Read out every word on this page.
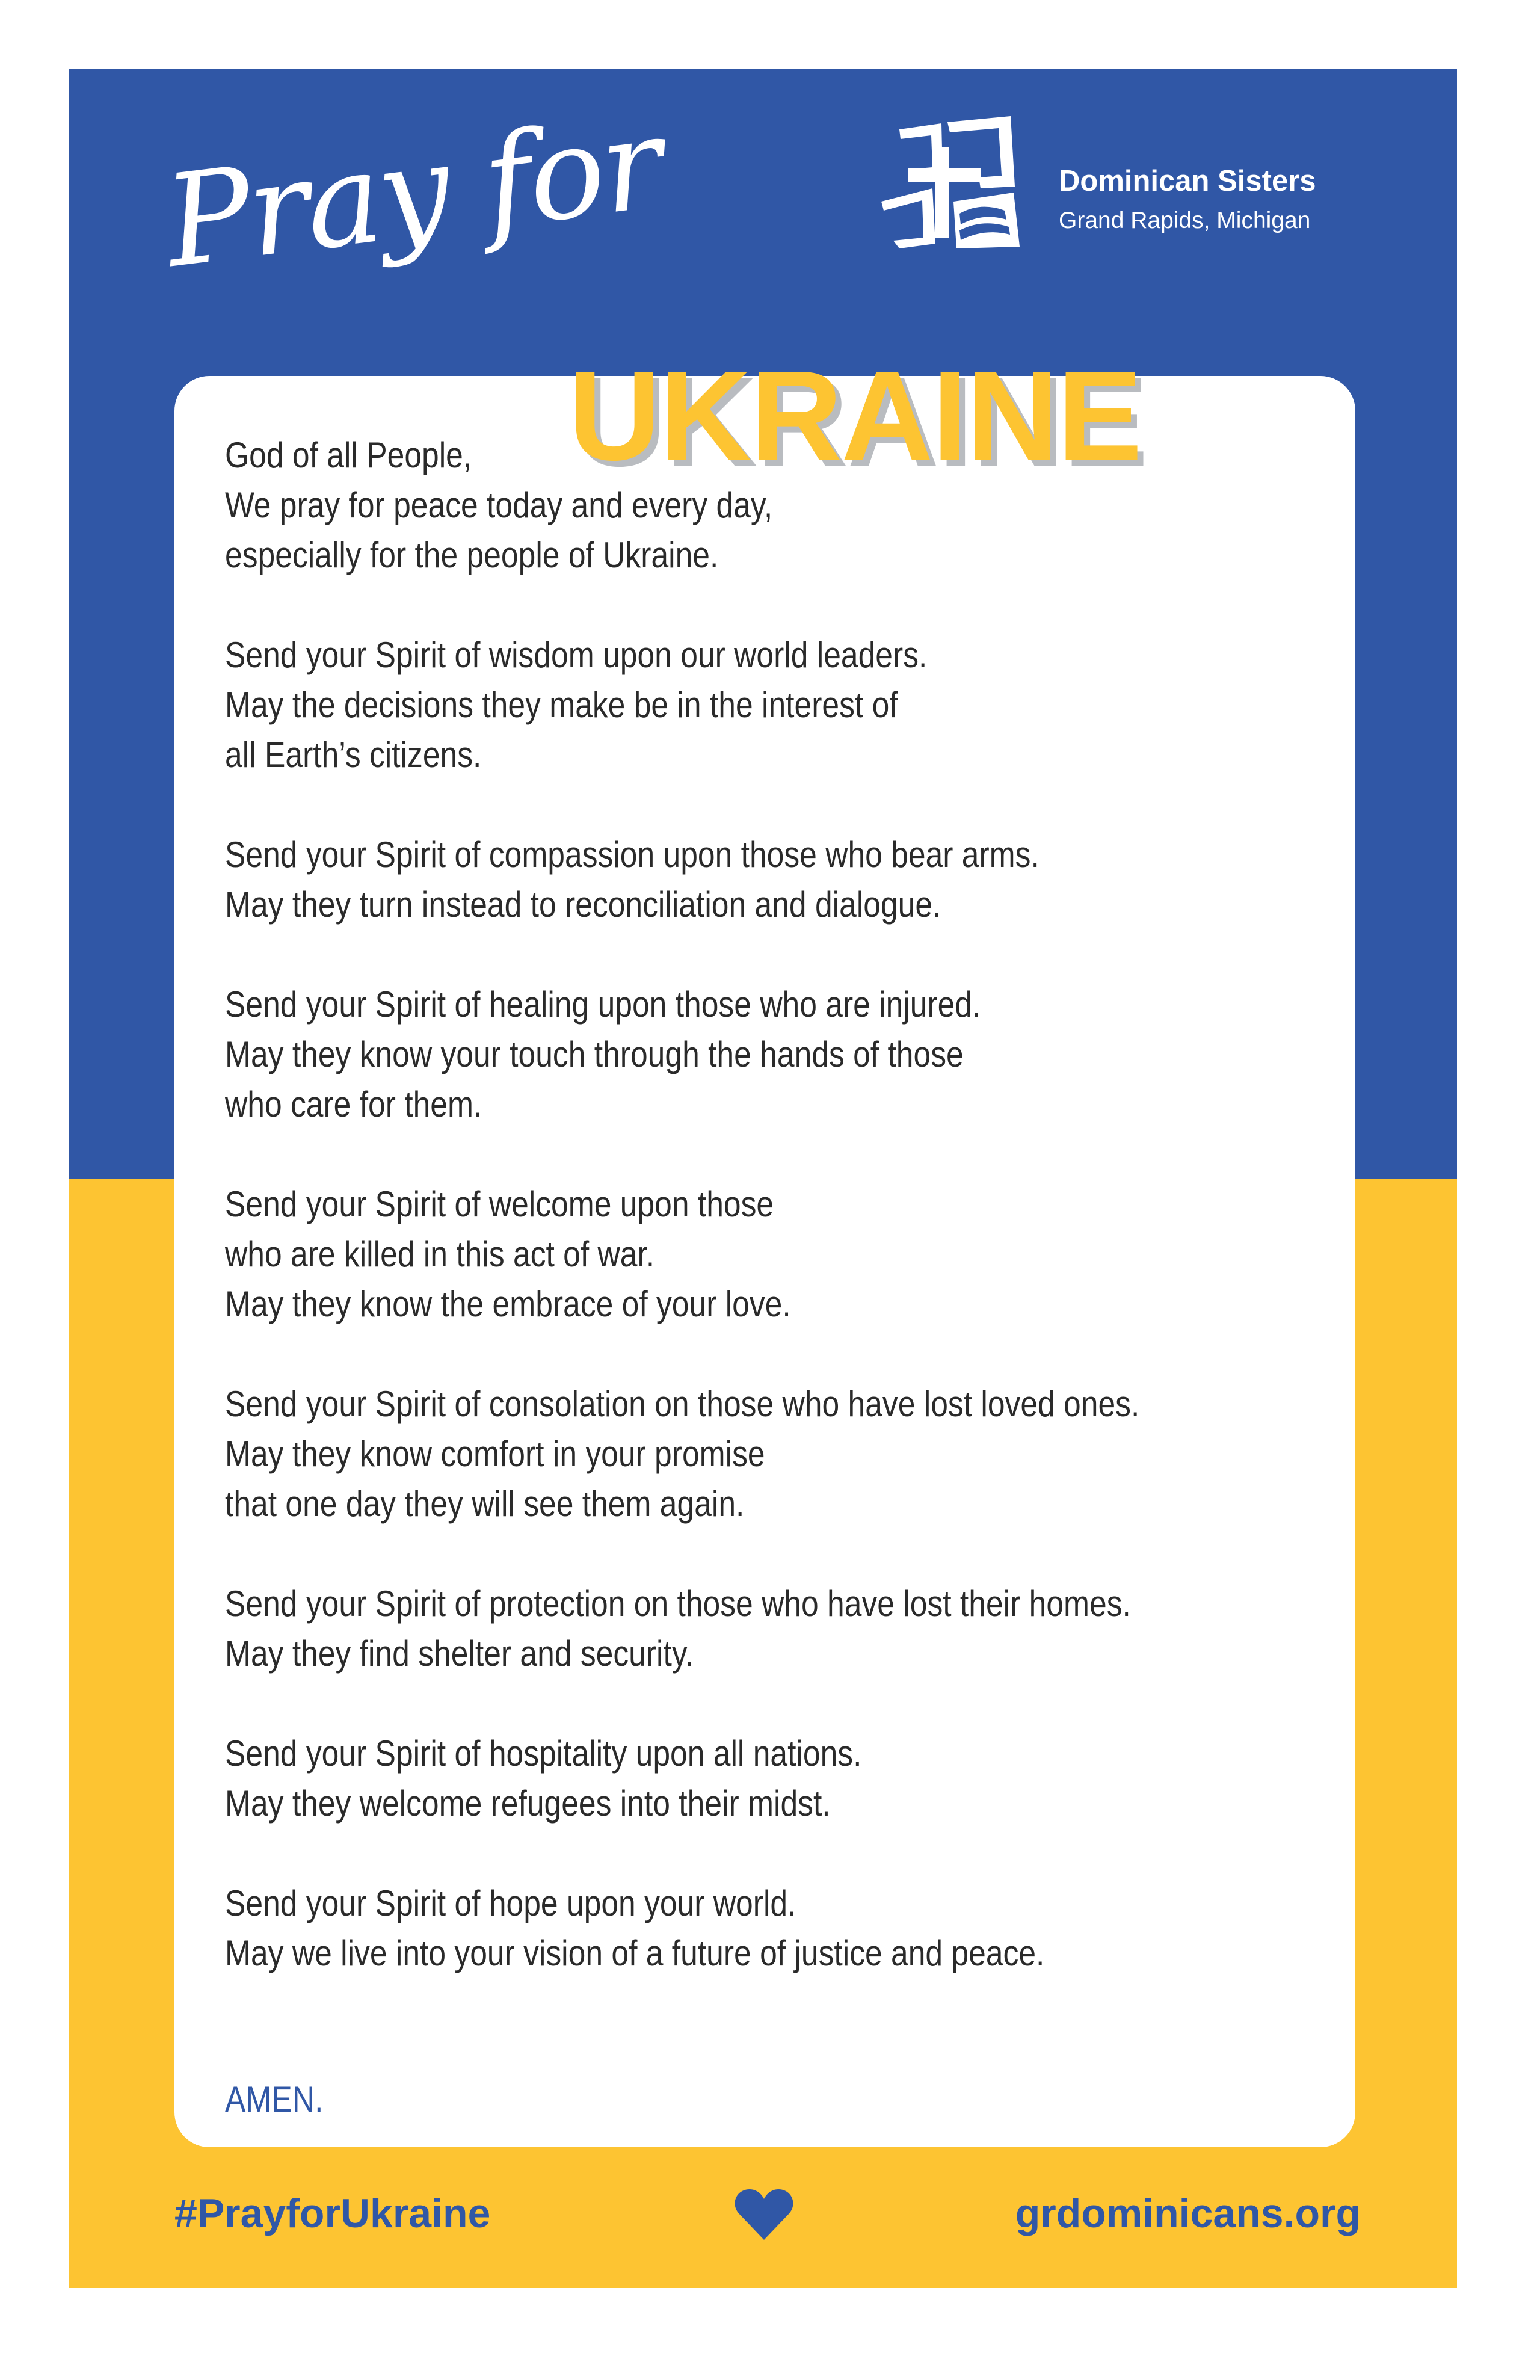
Dominican Sisters
Grand Rapids, Michigan
Pray for
UKRAINE
God of all People,
We pray for peace today and every day,
especially for the people of Ukraine.
Send your Spirit of wisdom upon our world leaders.
May the decisions they make be in the interest of
all Earth’s citizens.
Send your Spirit of compassion upon those who bear arms.
May they turn instead to reconciliation and dialogue.
Send your Spirit of healing upon those who are injured.
May they know your touch through the hands of those
who care for them.
Send your Spirit of welcome upon those
who are killed in this act of war.
May they know the embrace of your love.
Send your Spirit of consolation on those who have lost loved ones.
May they know comfort in your promise
that one day they will see them again.
Send your Spirit of protection on those who have lost their homes.
May they find shelter and security.
Send your Spirit of hospitality upon all nations.
May they welcome refugees into their midst.
Send your Spirit of hope upon your world.
May we live into your vision of a future of justice and peace.
AMEN.
#PrayforUkraine	grdominicans.org
